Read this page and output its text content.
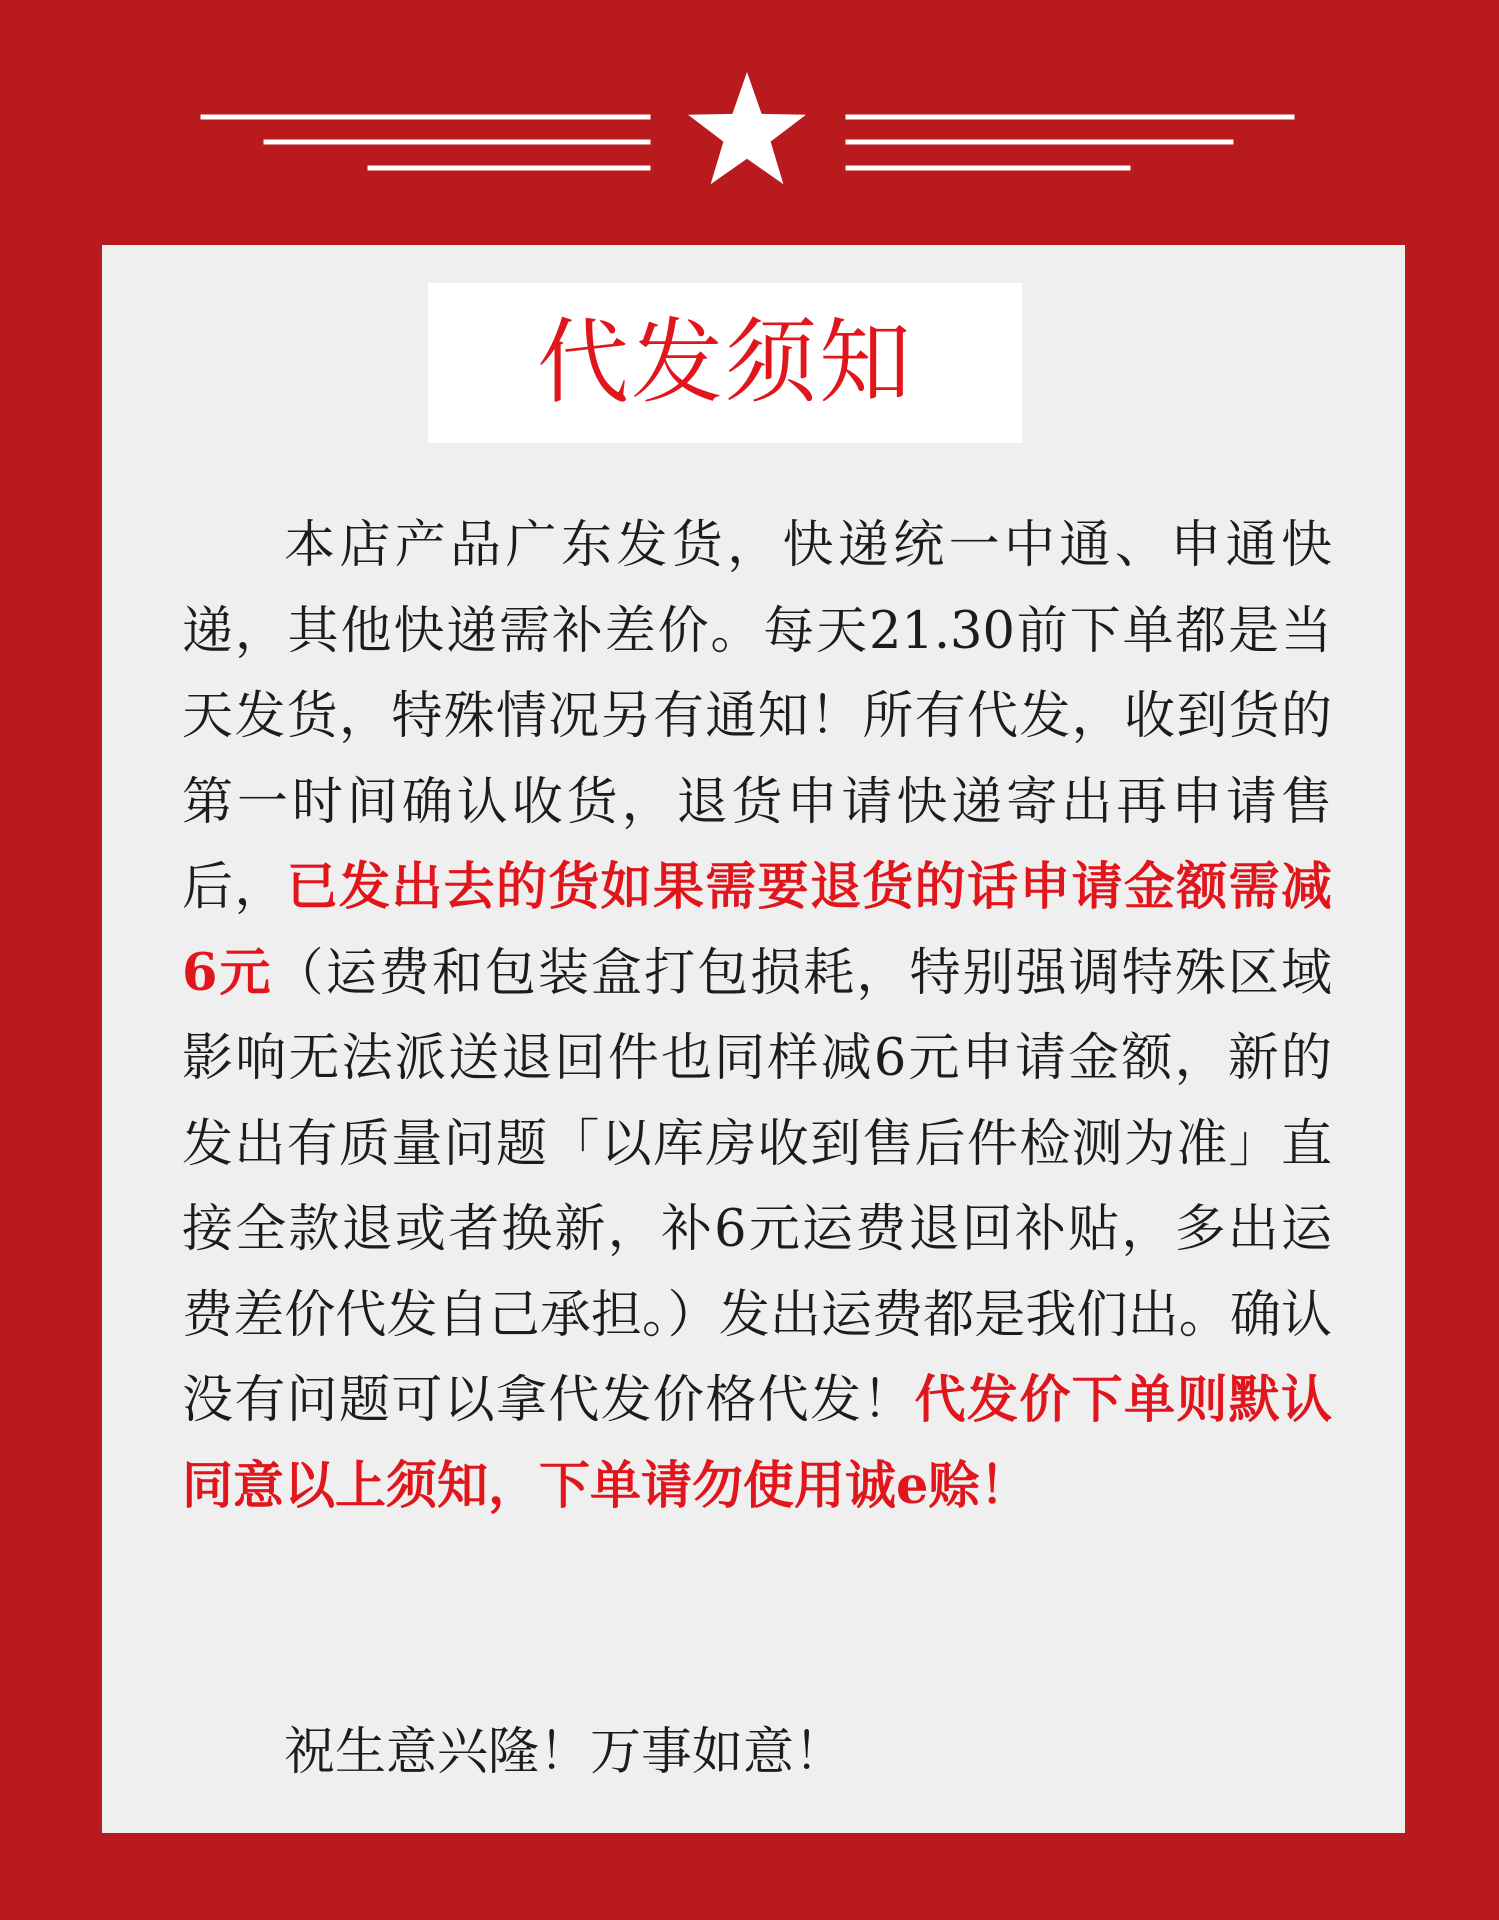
代发须知

本店产品广东发货，快递统一中通、申通快递，其他快递需补差价。每天21.30前下单都是当天发货，特殊情况另有通知！所有代发，收到货的第一时间确认收货，退货申请快递寄出再申请售后，已发出去的货如果需要退货的话申请金额需减6元（运费和包装盒打包损耗，特别强调特殊区域影响无法派送退回件也同样减6元申请金额，新的发出有质量问题「以库房收到售后件检测为准」直接全款退或者换新，补6元运费退回补贴，多出运费差价代发自己承担。）发出运费都是我们出。确认没有问题可以拿代发价格代发！代发价下单则默认同意以上须知，下单请勿使用诚e赊！

祝生意兴隆！万事如意！
